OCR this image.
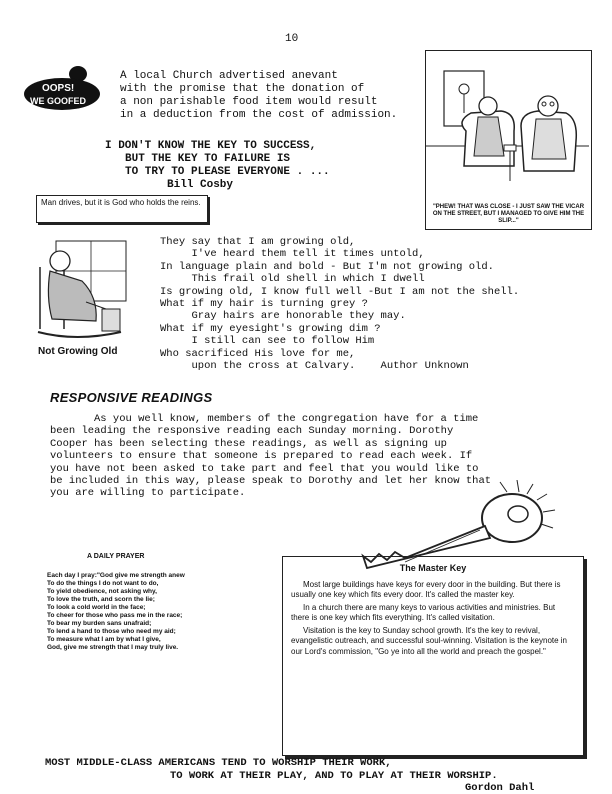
10
OOPS!
WE GOOFED
A local Church advertised anevant
with the promise that the donation of
a non parishable food item would result
in a deduction from the cost of admission.
I DON'T KNOW THE KEY TO SUCCESS,
BUT THE KEY TO FAILURE IS
TO TRY TO PLEASE EVERYONE . ...
Bill Cosby
Man drives, but it is God who holds the reins.	"PHEW! THAT WAS CLOSE - I JUST SAW THE VICAR ON THE STREET, BUT I MANAGED TO GIVE HIM THE SLIP..."
Not Growing Old
They say that I am growing old,
I've heard them tell it times untold,
In language plain and bold - But I'm not growing old.
This frail old shell in which I dwell
Is growing old, I know full well -But I am not the shell.
What if my hair is turning grey ?
Gray hairs are honorable they may.
What if my eyesight's growing dim ?
I still can see to follow Him
Who sacrificed His love for me,
upon the cross at Calvary.    Author Unknown
RESPONSIVE READINGS
As you well know, members of the congregation have for a time
been leading the responsive reading each Sunday morning. Dorothy
Cooper has been selecting these readings, as well as signing up
volunteers to ensure that someone is prepared to read each week. If
you have not been asked to take part and feel that you would like to
be included in this way, please speak to Dorothy and let her know that
you are willing to participate.
A DAILY PRAYER
Each day I pray:"God give me strength anew
To do the things I do not want to do,
To yield obedience, not asking why,
To love the truth, and scorn the lie;
To look a cold world in the face;
To cheer for those who pass me in the race;
To bear my burden sans unafraid;
To lend a hand to those who need my aid;
To measure what I am by what I give,
God, give me strength that I may truly live.
The Master Key

Most large buildings have keys for every door in the building. But there is usually one key which fits every door. It's called the master key.

In a church there are many keys to various activities and ministries. But there is one key which fits everything. It's called visitation.

Visitation is the key to Sunday school growth. It's the key to revival, evangelistic outreach, and successful soul-winning. Visitation is the keynote in our Lord's commission, "Go ye into all the world and preach the gospel."

MOST MIDDLE-CLASS AMERICANS TEND TO WORSHIP THEIR WORK,
TO WORK AT THEIR PLAY, AND TO PLAY AT THEIR WORSHIP.
Gordon Dahl
